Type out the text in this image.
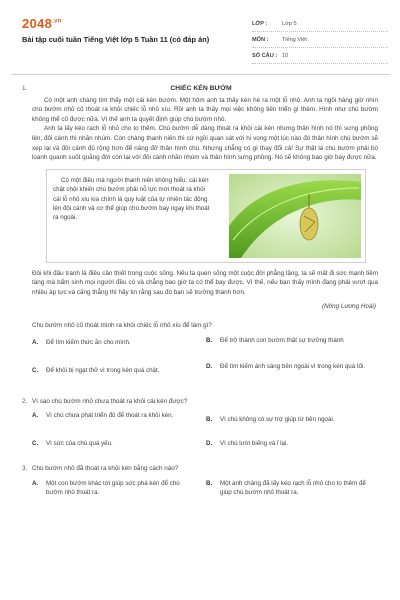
$2048^{.vn}$
Bài tập cuối tuần Tiếng Việt lớp 5 Tuần 11 (có đáp án)
LỚP :	Lớp 5
MÔN :	Tiếng Việt
SỐ CÂU : 10
1.	CHIẾC KÉN BƯỚM

Có một anh chàng tìm thấy một cái kén bướm. Một hôm anh ta thấy kén hé ra một lỗ nhỏ. Anh ta ngồi hàng giờ nhìn chú bướm nhỏ cố thoát ra khỏi chiếc lỗ nhỏ xíu. Rồi anh ta thấy mọi việc không tiến triển gì thêm. Hình như chú bướm không thể cố được nữa. Vì thế anh ta quyết định giúp chú bướm nhỏ.

Anh ta lấy kéo rạch lỗ nhỏ cho to thêm. Chú bướm dễ dàng thoát ra khỏi cái kén nhưng thân hình nó thì sưng phồng lên, đôi cánh thì nhăn nhúm. Còn chàng thanh niên thì cứ ngồi quan sát với hi vọng một lúc nào đó thân hình chú bướm sẽ xẹp lại và đôi cánh đủ rộng hơn để nâng đỡ thân hình chú. Nhưng chẳng có gì thay đổi cả! Sự thật là chú bướm phải bò loanh quanh suốt quãng đời còn lại với đôi cánh nhăn nhúm và thân hình sưng phồng. Nó sẽ không bao giờ bay được nữa.

Có một điều mà người thanh niên không hiểu: cái kén chật chội khiến chú bướm phải nỗ lực mới thoát ra khỏi cái lỗ nhỏ xíu kia chính là quy luật của tự nhiên tác động lên đôi cánh và cơ thể giúp chú bướm bay ngay khi thoát ra ngoài.

Đôi khi đấu tranh là điều cần thiết trong cuộc sống. Nếu ta quen sống một cuộc đời phẳng lặng, ta sẽ mất đi sức mạnh tiềm tàng mà bẩm sinh mọi người đều có và chẳng bao giờ ta có thể bay được. Vì thế, nếu bạn thấy mình đang phải vượt qua nhiều áp lực và căng thẳng thì hãy tin rằng sau đó bạn sẽ trưởng thành hơn.

(Nông Lương Hoài)
Chú bướm nhỏ cố thoát mình ra khỏi chiếc lỗ nhỏ xíu để làm gì?
A.	Để tìm kiếm thức ăn cho mình.	B.	Để trở thành con bướm thật sự trưởng thành
C.	Để khỏi bị ngạt thở vì trong kén quá chật.
D.	Để tìm kiếm ánh sáng bên ngoài vì trong kén quá tối.
2. Vì sao chú bướm nhỏ chưa thoát ra khỏi cái kén được?
A.	Vì chú chưa phát triển đủ để thoát ra khỏi kén.
B.	Vì chú không có sự trợ giúp từ bên ngoài.
C.	Vì sức của chú quá yếu.	D.	Vì chú lười biếng và ỉ lại.
3. Chú bướm nhỏ đã thoát ra khỏi kén bằng cách nào?
A.	Một con bướm khác tới giúp sức phá kén để chú bướm nhỏ thoát ra.
B.	Một anh chàng đã lấy kéo rạch lỗ nhỏ cho to thêm để giúp chú bướm nhỏ thoát ra.
